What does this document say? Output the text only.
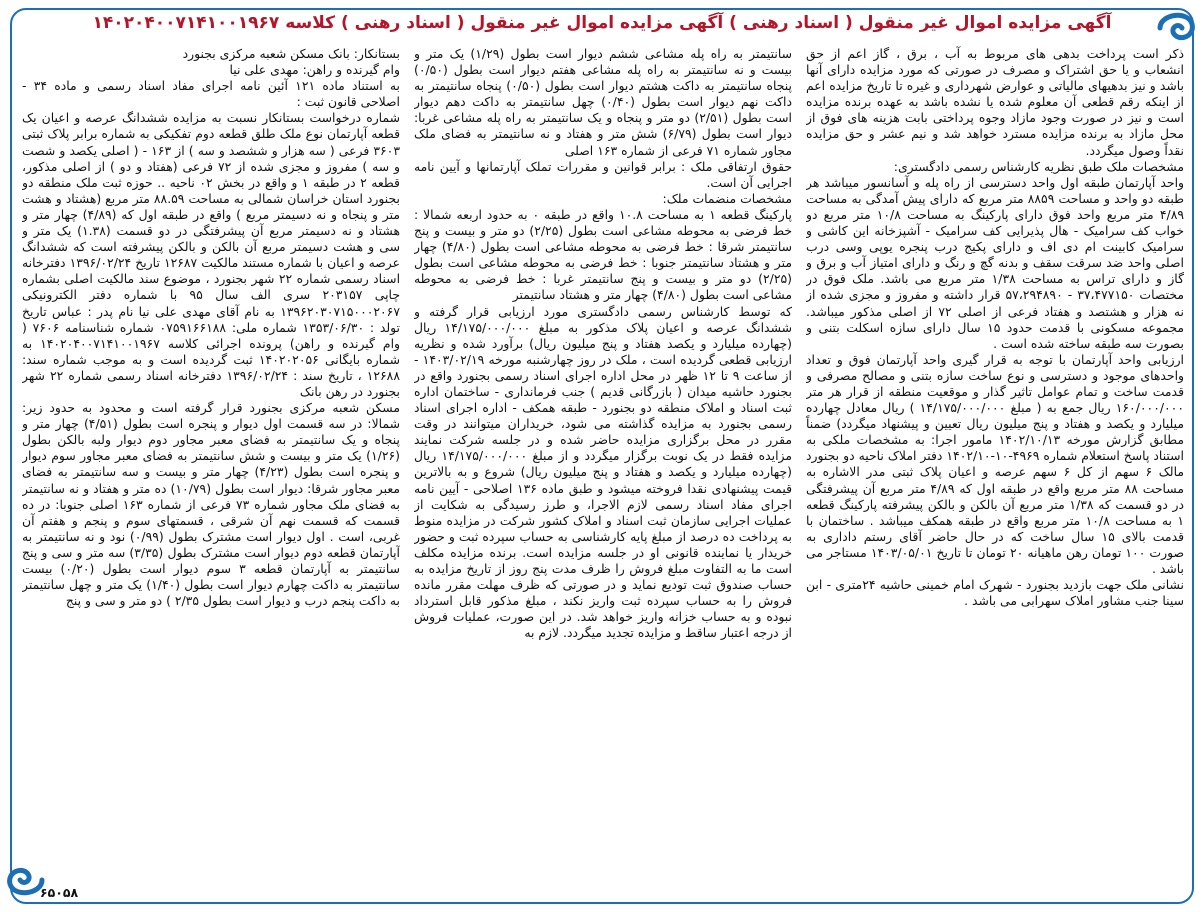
آگهی مزایده اموال غیر منقول ( اسناد رهنی ) آگهی مزایده اموال غیر منقول ( اسناد رهنی ) کلاسه ۱۴۰۲۰۴۰۰۷۱۴۱۰۰۱۹۶۷

بستانکار: بانک مسکن شعبه مرکزی بجنورد

وام گیرنده و راهن: مهدی علی نیا

به استناد ماده ۱۲۱ آئین نامه اجرای مفاد اسناد رسمی و ماده ۳۴ - اصلاحی قانون ثبت :

شماره درخواست بستانکار نسبت به مزایده ششدانگ عرصه و اعیان یک قطعه آپارتمان نوع ملک طلق قطعه دوم تفکیکی به شماره برابر پلاک ثبتی ۳۶۰۳ فرعی ( سه هزار و ششصد و سه ) از ۱۶۳ - ( اصلی یکصد و شصت و سه ) مفروز و مجزی شده از ۷۲ فرعی (هفتاد و دو ) از اصلی مذکور، قطعه ۲ در طبقه ۱ و واقع در بخش ۰۲ ناحیه .. حوزه ثبت ملک منطقه دو بجنورد استان خراسان شمالی به مساحت ۸۸.۵۹ متر مربع (هشتاد و هشت متر و پنجاه و نه دسیمتر مربع ) واقع در طبقه اول که (۴/۸۹) چهار متر و هشتاد و نه دسیمتر مربع آن پیشرفتگی در دو قسمت (۱.۳۸) یک متر و سی و هشت دسیمتر مربع آن بالکن و بالکن پیشرفته است که ششدانگ عرصه و اعیان با شماره مستند مالکیت ۱۲۶۸۷ تاریخ ۱۳۹۶/۰۲/۲۴ دفترخانه اسناد رسمی شماره ۲۲ شهر بجنورد ، موضوع سند مالکیت اصلی بشماره چاپی ۲۰۳۱۵۷ سری الف سال ۹۵ با شماره دفتر الکترونیکی ۱۳۹۶۲۰۳۰۷۱۵۰۰۰۲۰۶۷ به نام آقای مهدی علی نیا نام پدر : عباس تاریخ تولد : ۱۳۵۳/۰۶/۳۰ شماره ملی: ۰۷۵۹۱۶۶۱۸۸ شماره شناسنامه ۷۶۰۶ ( وام گیرنده و راهن) پرونده اجرائی کلاسه ۱۴۰۲۰۴۰۰۷۱۴۱۰۰۱۹۶۷ به شماره بایگانی ۱۴۰۲۰۲۰۵۶ ثبت گردیده است و به موجب شماره سند: ۱۲۶۸۸ ، تاریخ سند : ۱۳۹۶/۰۲/۲۴ دفترخانه اسناد رسمی شماره ۲۲ شهر بجنورد در رهن بانک

مسکن شعبه مرکزی بجنورد قرار گرفته است و محدود به حدود زیر: شمالا: در سه قسمت اول دیوار و پنجره است بطول (۴/۵۱) چهار متر و پنجاه و یک سانتیمتر به فضای معبر مجاور دوم دیوار ولبه بالکن بطول (۱/۲۶) یک متر و بیست و شش سانتیمتر به فضای معبر مجاور سوم دیوار و پنجره است بطول (۴/۲۳) چهار متر و بیست و سه سانتیمتر به فضای معبر مجاور شرقا: دیوار است بطول (۱۰/۷۹) ده متر و هفتاد و نه سانتیمتر به فضای ملک مجاور شماره ۷۳ فرعی از شماره ۱۶۳ اصلی جنوبا: در ده قسمت که قسمت نهم آن شرقی ، قسمتهای سوم و پنجم و هفتم آن غربی، است . اول دیوار است مشترک بطول (۰/۹۹) نود و نه سانتیمتر به آپارتمان قطعه دوم دیوار است مشترک بطول (۳/۳۵) سه متر و سی و پنج سانتیمتر به آپارتمان قطعه ۳ سوم دیوار است بطول (۰/۲۰) بیست سانتیمتر به داکت چهارم دیوار است بطول (۱/۴۰) یک متر و چهل سانتیمتر به داکت پنجم درب و دیوار است بطول ۲/۳۵ ) دو متر و سی و پنج

سانتیمتر به راه پله مشاعی ششم دیوار است بطول (۱/۲۹) یک متر و بیست و نه سانتیمتر به راه پله مشاعی هفتم دیوار است بطول (۰/۵۰) پنجاه سانتیمتر به داکت هشتم دیوار است بطول (۰/۵۰) پنجاه سانتیمتر به داکت نهم دیوار است بطول (۰/۴۰) چهل سانتیمتر به داکت دهم دیوار است بطول (۲/۵۱) دو متر و پنجاه و یک سانتیمتر به راه پله مشاعی غربا: دیوار است بطول (۶/۷۹) شش متر و هفتاد و نه سانتیمتر به فضای ملک مجاور شماره ۷۱ فرعی از شماره ۱۶۳ اصلی

حقوق ارتفاقی ملک : برابر قوانین و مقررات تملک آپارتمانها و آیین نامه اجرایی آن است.

مشخصات منضمات ملک:

پارکینگ قطعه ۱ به مساحت ۱۰.۸ واقع در طبقه ۰ به حدود اربعه شمالا : خط فرضی به محوطه مشاعی است بطول (۲/۲۵) دو متر و بیست و پنج سانتیمتر شرقا : خط فرضی به محوطه مشاعی است بطول (۴/۸۰) چهار متر و هشتاد سانتیمتر جنوبا : خط فرضی به محوطه مشاعی است بطول (۲/۲۵) دو متر و بیست و پنج سانتیمتر غربا : خط فرضی به محوطه مشاعی است بطول (۴/۸۰) چهار متر و هشتاد سانتیمتر

که توسط کارشناس رسمی دادگستری مورد ارزیابی قرار گرفته و ششدانگ عرصه و اعیان پلاک مذکور به مبلغ ۱۴/۱۷۵/۰۰۰/۰۰۰ ریال (چهارده میلیارد و یکصد هفتاد و پنج میلیون ریال) برآورد شده و نظریه ارزیابی قطعی گردیده است ، ملک در روز چهارشنبه مورخه ۱۴۰۳/۰۲/۱۹ - از ساعت ۹ تا ۱۲ ظهر در محل اداره اجرای اسناد رسمی بجنورد واقع در بجنورد حاشیه میدان ( بازرگانی قدیم ) جنب فرمانداری - ساختمان اداره ثبت اسناد و املاک منطقه دو بجنورد - طبقه همکف - اداره اجرای اسناد رسمی بجنورد به مزایده گذاشته می شود، خریداران میتوانند در وقت مقرر در محل برگزاری مزایده حاضر شده و در جلسه شرکت نمایند مزایده فقط در یک نوبت برگزار میگردد و از مبلغ ۱۴/۱۷۵/۰۰۰/۰۰۰ ریال (چهارده میلیارد و یکصد و هفتاد و پنج میلیون ریال) شروع و به بالاترین قیمت پیشنهادی نقدا فروخته میشود و طبق ماده ۱۳۶ اصلاحی - آیین نامه اجرای مفاد اسناد رسمی لازم الاجرا، و طرز رسیدگی به شکایت از عملیات اجرایی سازمان ثبت اسناد و املاک کشور شرکت در مزایده منوط به پرداخت ده درصد از مبلغ پایه کارشناسی به حساب سپرده ثبت و حضور خریدار یا نماینده قانونی او در جلسه مزایده است. برنده مزایده مکلف است ما به التفاوت مبلغ فروش را ظرف مدت پنج روز از تاریخ مزایده به حساب صندوق ثبت تودیع نماید و در صورتی که ظرف مهلت مقرر مانده فروش را به حساب سپرده ثبت واریز نکند ، مبلغ مذکور قابل استرداد نبوده و به حساب خزانه واریز خواهد شد. در این صورت، عملیات فروش از درجه اعتبار ساقط و مزایده تجدید میگردد. لازم به

ذکر است پرداخت بدهی های مربوط به آب ، برق ، گاز اعم از حق انشعاب و یا حق اشتراک و مصرف در صورتی که مورد مزایده دارای آنها باشد و نیز بدهیهای مالیاتی و عوارض شهرداری و غیره تا تاریخ مزایده اعم از اینکه رقم قطعی آن معلوم شده یا نشده باشد به عهده برنده مزایده است و نیز در صورت وجود مازاد وجوه پرداختی بابت هزینه های فوق از محل مازاد به برنده مزایده مسترد خواهد شد و نیم عشر و حق مزایده نقداً وصول میگردد.

مشخصات ملک طبق نظریه کارشناس رسمی دادگستری:

واحد آپارتمان طبقه اول واحد دسترسی از راه پله و آسانسور میباشد هر طبقه دو واحد و مساحت ۸۸۵۹ متر مربع که دارای پیش آمدگی به مساحت ۴/۸۹ متر مربع واحد فوق دارای پارکینگ به مساحت ۱۰/۸ متر مربع دو خواب کف سرامیک - هال پذیرایی کف سرامیک - آشپزخانه این کاشی و سرامیک کابینت ام دی اف و دارای پکیج درب پنجره یوپی وسی درب اصلی واحد ضد سرقت سقف و بدنه گچ و رنگ و دارای امتیاز آب و برق و گاز و دارای تراس به مساحت ۱/۳۸ متر مربع می باشد. ملک فوق در مختصات ۳۷،۴۷۷۱۵۰ - ۵۷،۲۹۴۸۹۰ قرار داشته و مفروز و مجزی شده از نه هزار و هشتصد و هفتاد فرعی از اصلی ۷۲ از اصلی مذکور میباشد. مجموعه مسکونی با قدمت حدود ۱۵ سال دارای سازه اسکلت بتنی و بصورت سه طبقه ساخته شده است .

ارزیابی واحد آپارتمان با توجه به قرار گیری واحد آپارتمان فوق و تعداد واحدهای موجود و دسترسی و نوع ساخت سازه بتنی و مصالح مصرفی و قدمت ساخت و تمام عوامل تاثیر گذار و موقعیت منطقه از قرار هر متر ۱۶۰/۰۰۰/۰۰۰ ریال جمع به ( مبلغ ۱۴/۱۷۵/۰۰۰/۰۰۰ ) ریال معادل چهارده میلیارد و یکصد و هفتاد و پنج میلیون ریال تعیین و پیشنهاد میگردد) ضمناً مطابق گزارش مورخه ۱۴۰۲/۱۰/۱۳ مامور اجرا: به مشخصات ملکی به استناد پاسخ استعلام شماره ۴۹۶۹-۱۰-۱۴۰۲/۱۰ دفتر املاک ناحیه دو بجنورد مالک ۶ سهم از کل ۶ سهم عرصه و اعیان پلاک ثبتی مدر الاشاره به مساحت ۸۸ متر مربع واقع در طبقه اول که ۴/۸۹ متر مربع آن پیشرفتگی در دو قسمت که ۱/۳۸ متر مربع آن بالکن و بالکن پیشرفته پارکینگ قطعه ۱ به مساحت ۱۰/۸ متر مربع واقع در طبقه همکف میباشد . ساختمان با قدمت بالای ۱۵ سال ساخت که در حال حاضر آقای رستم داداری به صورت ۱۰۰ تومان رهن ماهیانه ۲۰ تومان تا تاریخ ۱۴۰۳/۰۵/۰۱ مستاجر می باشد .

نشانی ملک جهت بازدید بجنورد - شهرک امام خمینی حاشیه ۲۴متری - ابن سینا جنب مشاور املاک سهرابی می باشد .

۶۵۰۵۸
